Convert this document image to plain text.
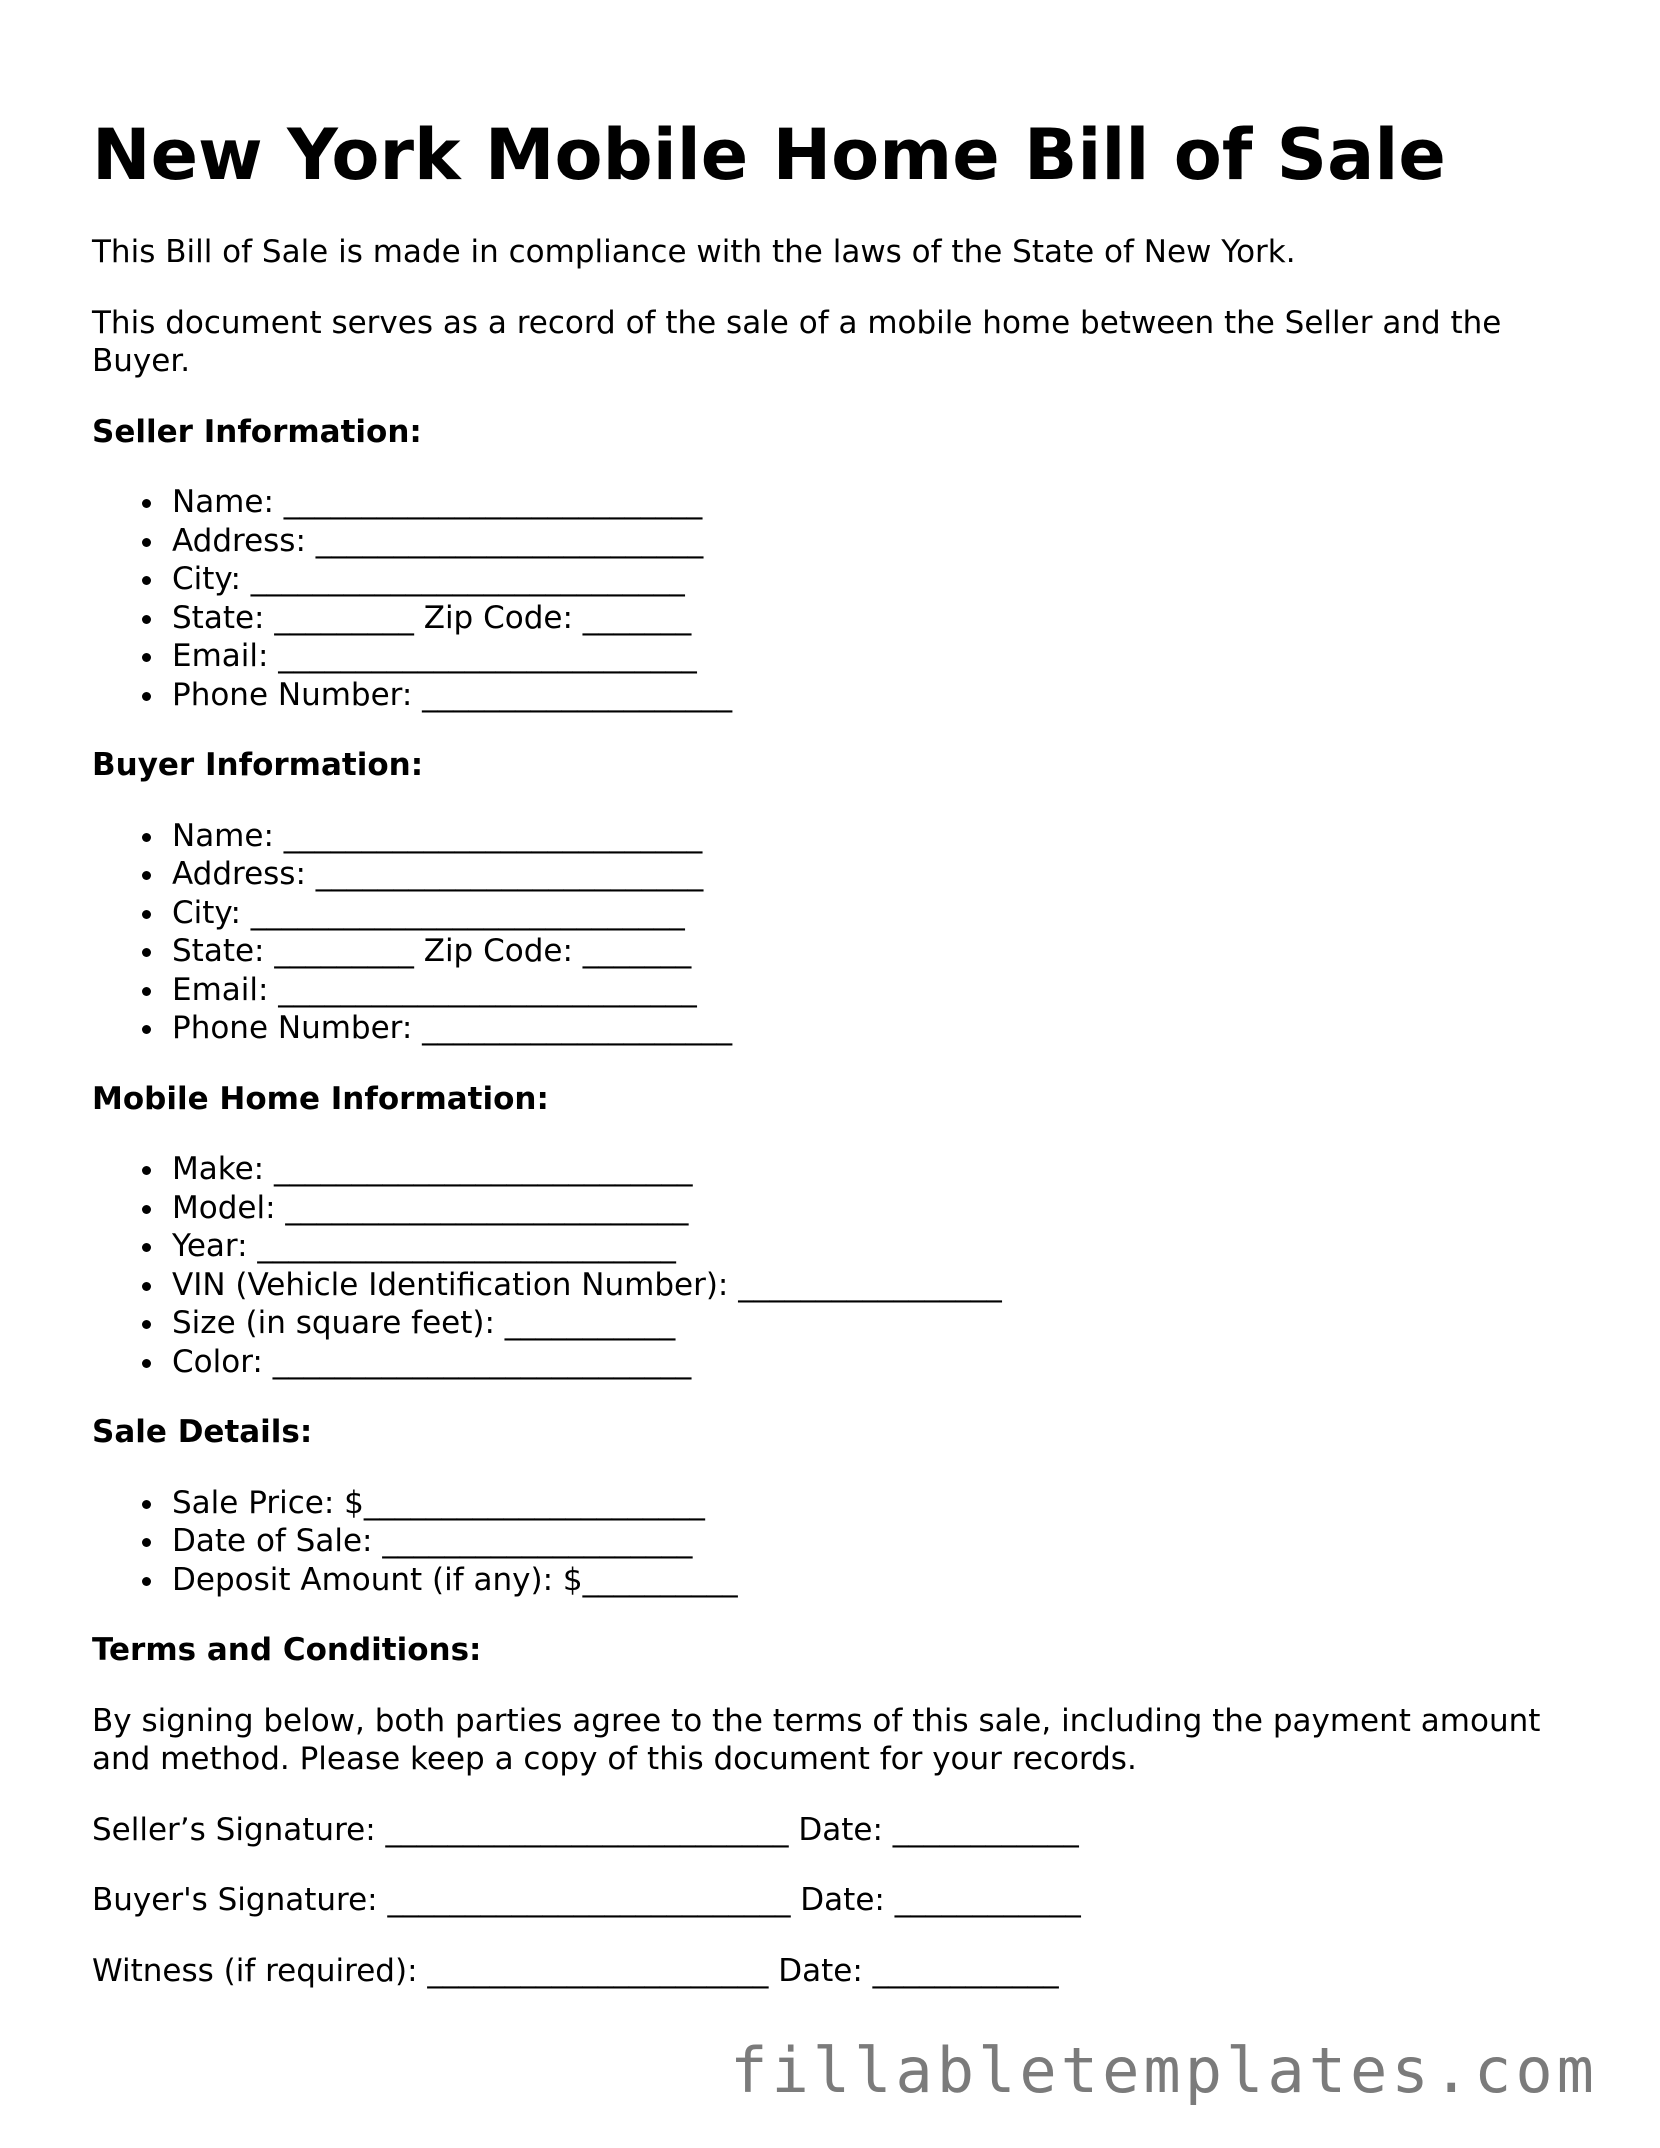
New York Mobile Home Bill of Sale

This Bill of Sale is made in compliance with the laws of the State of New York.

This document serves as a record of the sale of a mobile home between the Seller and the Buyer.

Seller Information:
Name: ___________________________
Address: _________________________
City: ____________________________
State: _________ Zip Code: _______
Email: ___________________________
Phone Number: ____________________
Buyer Information:
Name: ___________________________
Address: _________________________
City: ____________________________
State: _________ Zip Code: _______
Email: ___________________________
Phone Number: ____________________
Mobile Home Information:
Make: ___________________________
Model: __________________________
Year: ___________________________
VIN (Vehicle Identification Number): _________________
Size (in square feet): ___________
Color: ___________________________
Sale Details:
Sale Price: $______________________
Date of Sale: ____________________
Deposit Amount (if any): $__________
Terms and Conditions:

By signing below, both parties agree to the terms of this sale, including the payment amount and method. Please keep a copy of this document for your records.

Seller’s Signature: __________________________ Date: ____________
Buyer's Signature: __________________________ Date: ____________
Witness (if required): ______________________ Date: ____________
fillabletemplates.com
